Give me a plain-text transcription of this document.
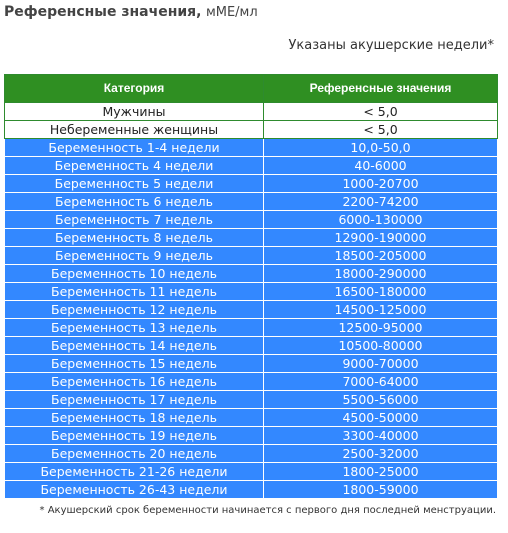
Референсные значения, мМЕ/мл
Указаны акушерские недели*
Категория	Референсные значения
Мужчины	< 5,0
Небеременные женщины	< 5,0
Беременность 1-4 недели	10,0-50,0
Беременность 4 недели	40-6000
Беременность 5 недели	1000-20700
Беременность 6 недель	2200-74200
Беременность 7 недель	6000-130000
Беременность 8 недель	12900-190000
Беременность 9 недель	18500-205000
Беременность 10 недель	18000-290000
Беременность 11 недель	16500-180000
Беременность 12 недель	14500-125000
Беременность 13 недель	12500-95000
Беременность 14 недель	10500-80000
Беременность 15 недель	9000-70000
Беременность 16 недель	7000-64000
Беременность 17 недель	5500-56000
Беременность 18 недель	4500-50000
Беременность 19 недель	3300-40000
Беременность 20 недель	2500-32000
Беременность 21-26 недели	1800-25000
Беременность 26-43 недели	1800-59000
* Акушерский срок беременности начинается с первого дня последней менструации.
